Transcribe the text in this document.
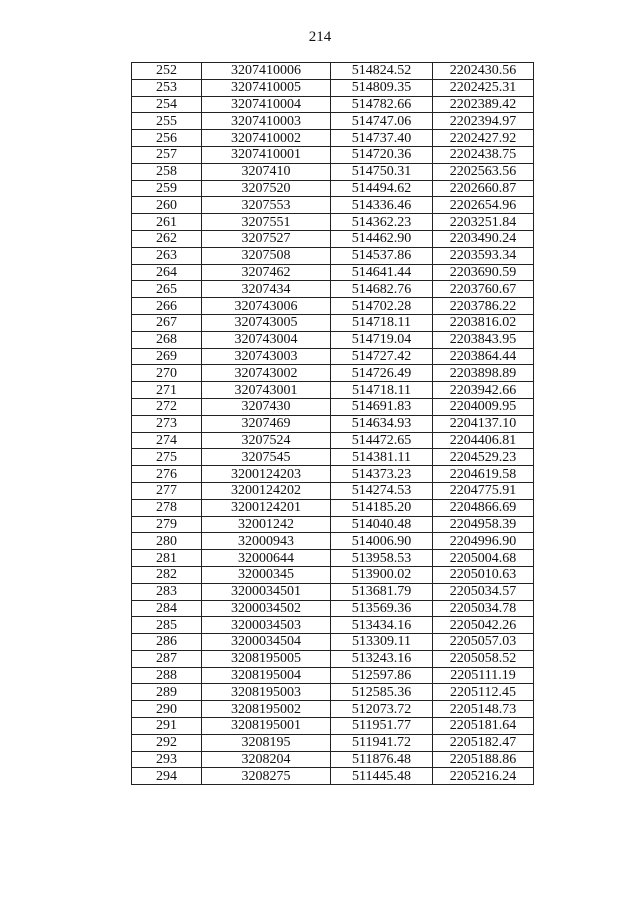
214
252	3207410006	514824.52	2202430.56
253	3207410005	514809.35	2202425.31
254	3207410004	514782.66	2202389.42
255	3207410003	514747.06	2202394.97
256	3207410002	514737.40	2202427.92
257	3207410001	514720.36	2202438.75
258	3207410	514750.31	2202563.56
259	3207520	514494.62	2202660.87
260	3207553	514336.46	2202654.96
261	3207551	514362.23	2203251.84
262	3207527	514462.90	2203490.24
263	3207508	514537.86	2203593.34
264	3207462	514641.44	2203690.59
265	3207434	514682.76	2203760.67
266	320743006	514702.28	2203786.22
267	320743005	514718.11	2203816.02
268	320743004	514719.04	2203843.95
269	320743003	514727.42	2203864.44
270	320743002	514726.49	2203898.89
271	320743001	514718.11	2203942.66
272	3207430	514691.83	2204009.95
273	3207469	514634.93	2204137.10
274	3207524	514472.65	2204406.81
275	3207545	514381.11	2204529.23
276	3200124203	514373.23	2204619.58
277	3200124202	514274.53	2204775.91
278	3200124201	514185.20	2204866.69
279	32001242	514040.48	2204958.39
280	32000943	514006.90	2204996.90
281	32000644	513958.53	2205004.68
282	32000345	513900.02	2205010.63
283	3200034501	513681.79	2205034.57
284	3200034502	513569.36	2205034.78
285	3200034503	513434.16	2205042.26
286	3200034504	513309.11	2205057.03
287	3208195005	513243.16	2205058.52
288	3208195004	512597.86	2205111.19
289	3208195003	512585.36	2205112.45
290	3208195002	512073.72	2205148.73
291	3208195001	511951.77	2205181.64
292	3208195	511941.72	2205182.47
293	3208204	511876.48	2205188.86
294	3208275	511445.48	2205216.24
